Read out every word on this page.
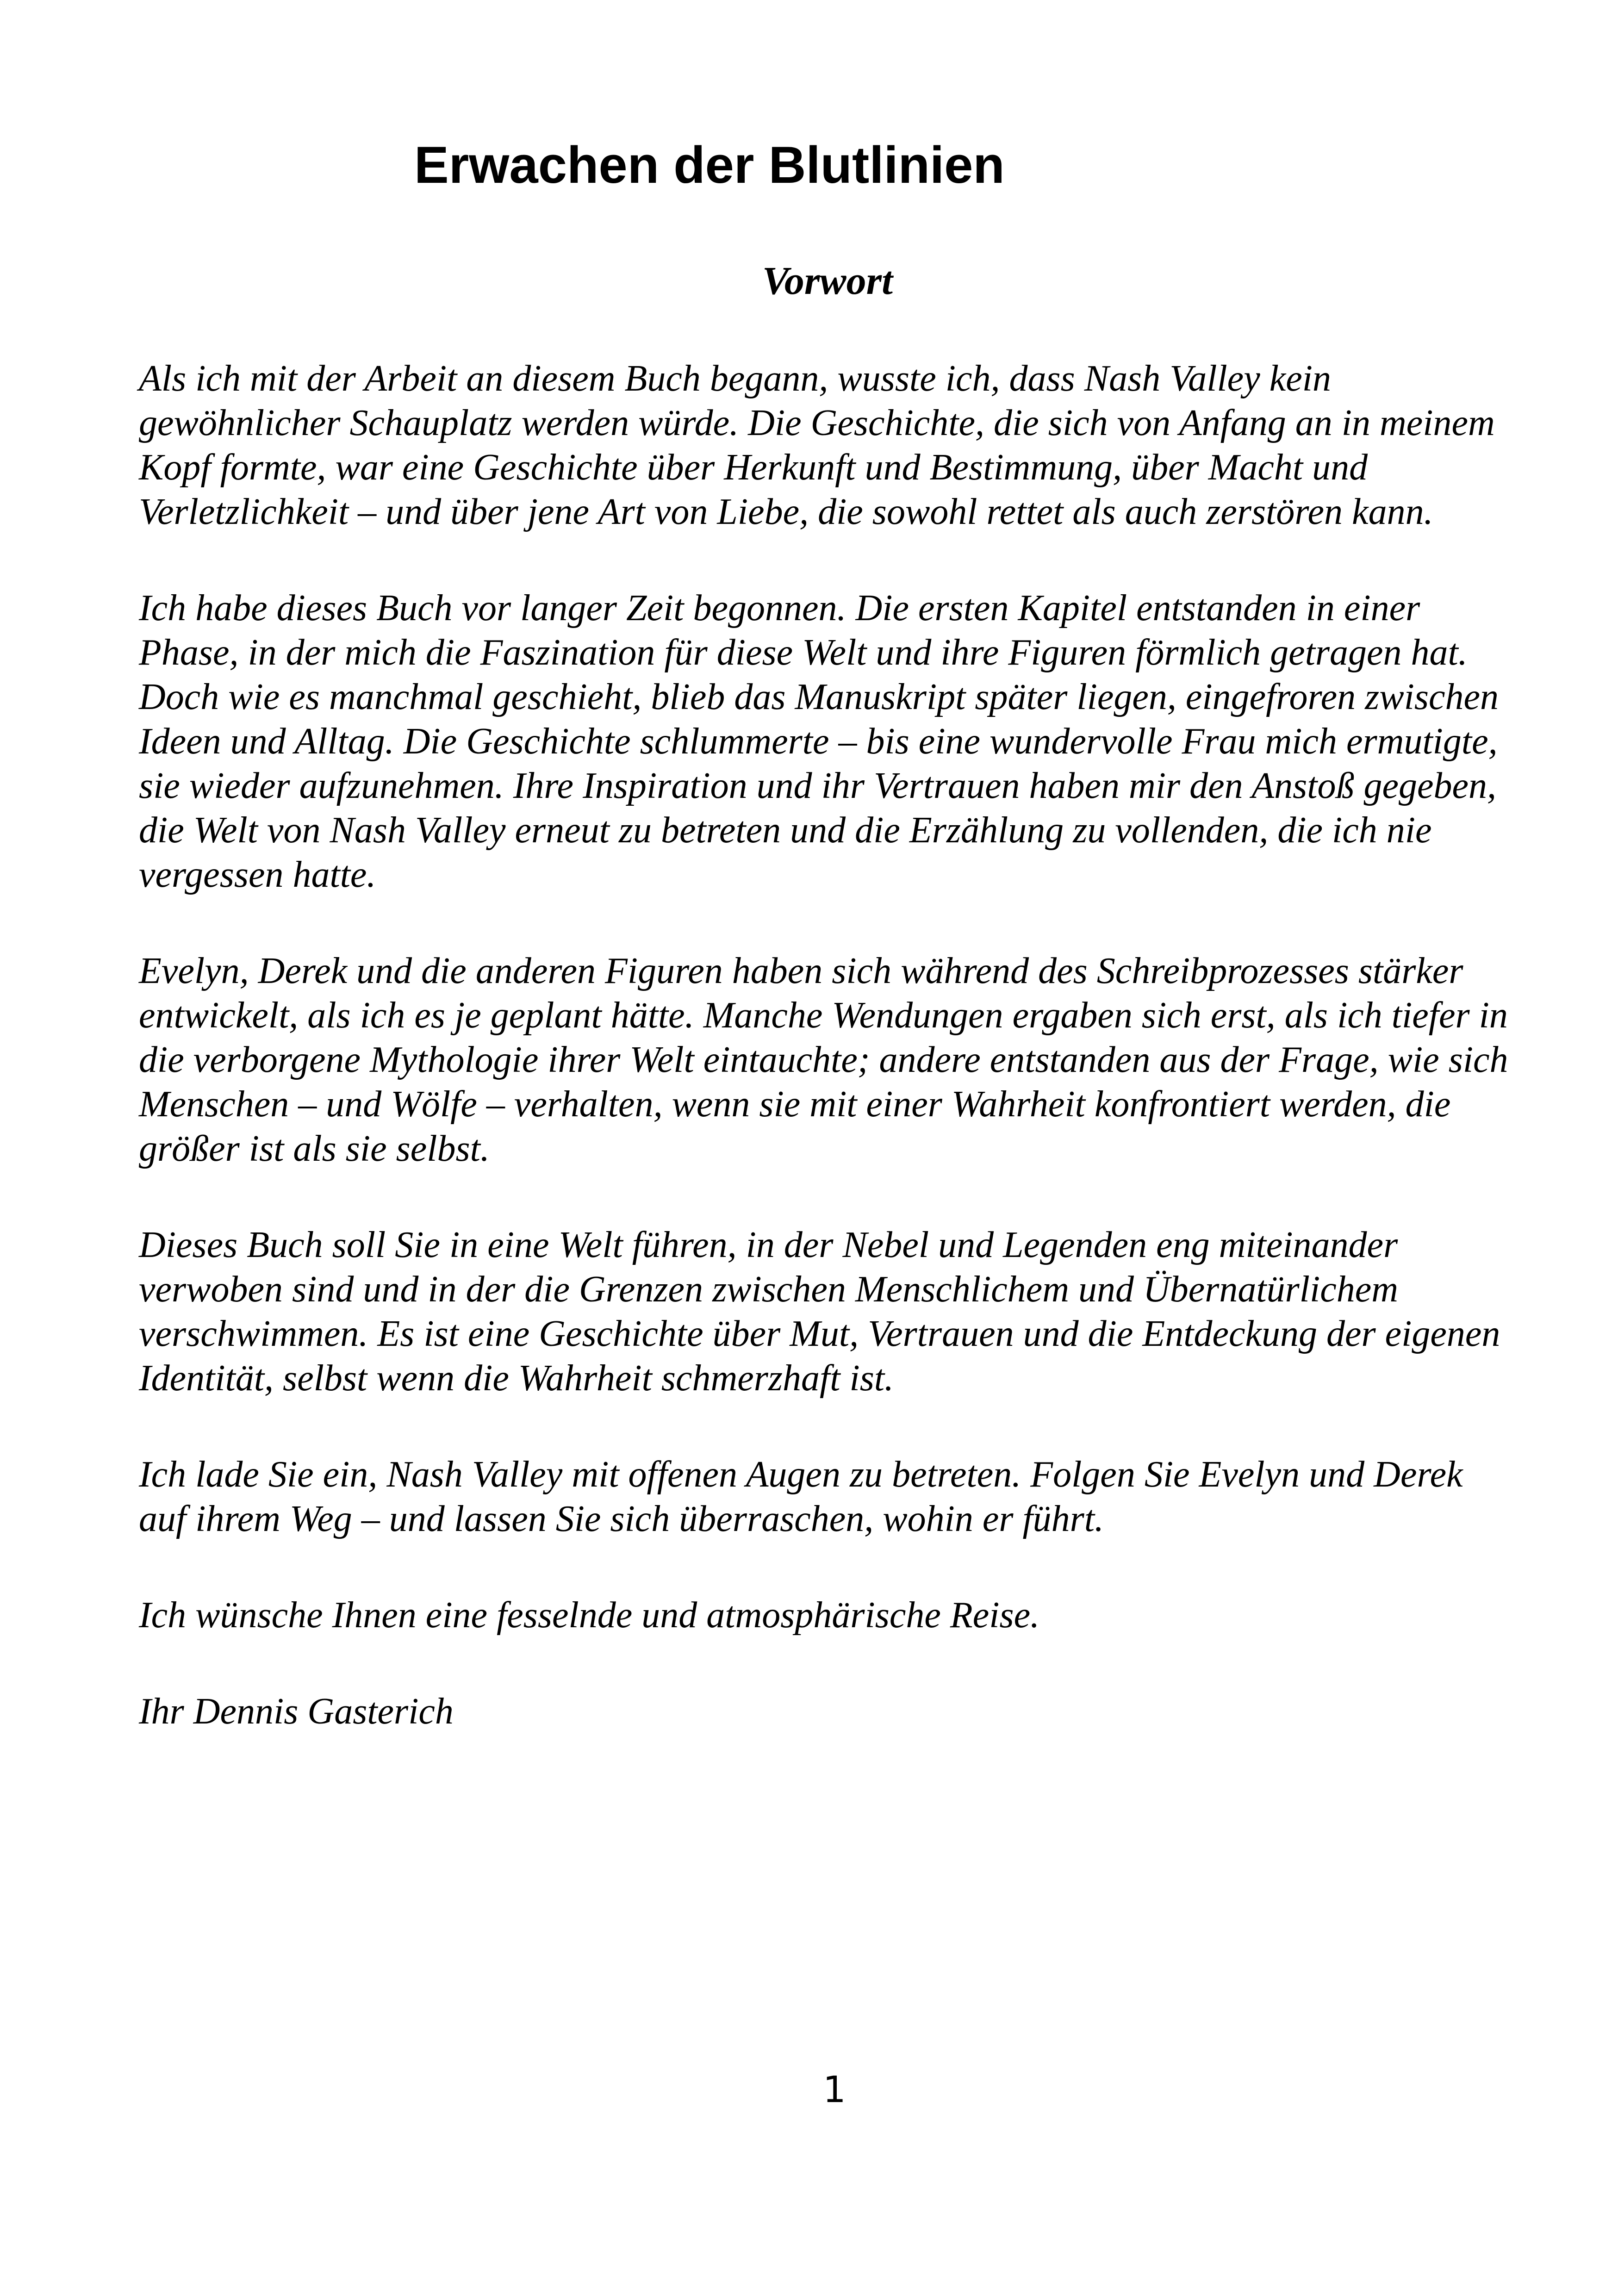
Erwachen der Blutlinien
Vorwort

Als ich mit der Arbeit an diesem Buch begann, wusste ich, dass Nash Valley kein gewöhnlicher Schauplatz werden würde. Die Geschichte, die sich von Anfang an in meinem Kopf formte, war eine Geschichte über Herkunft und Bestimmung, über Macht und Verletzlichkeit – und über jene Art von Liebe, die sowohl rettet als auch zerstören kann.

Ich habe dieses Buch vor langer Zeit begonnen. Die ersten Kapitel entstanden in einer Phase, in der mich die Faszination für diese Welt und ihre Figuren förmlich getragen hat. Doch wie es manchmal geschieht, blieb das Manuskript später liegen, eingefroren zwischen Ideen und Alltag. Die Geschichte schlummerte – bis eine wundervolle Frau mich ermutigte, sie wieder aufzunehmen. Ihre Inspiration und ihr Vertrauen haben mir den Anstoß gegeben, die Welt von Nash Valley erneut zu betreten und die Erzählung zu vollenden, die ich nie vergessen hatte.

Evelyn, Derek und die anderen Figuren haben sich während des Schreibprozesses stärker entwickelt, als ich es je geplant hätte. Manche Wendungen ergaben sich erst, als ich tiefer in die verborgene Mythologie ihrer Welt eintauchte; andere entstanden aus der Frage, wie sich Menschen – und Wölfe – verhalten, wenn sie mit einer Wahrheit konfrontiert werden, die größer ist als sie selbst.

Dieses Buch soll Sie in eine Welt führen, in der Nebel und Legenden eng miteinander verwoben sind und in der die Grenzen zwischen Menschlichem und Übernatürlichem verschwimmen. Es ist eine Geschichte über Mut, Vertrauen und die Entdeckung der eigenen Identität, selbst wenn die Wahrheit schmerzhaft ist.

Ich lade Sie ein, Nash Valley mit offenen Augen zu betreten. Folgen Sie Evelyn und Derek auf ihrem Weg – und lassen Sie sich überraschen, wohin er führt.

Ich wünsche Ihnen eine fesselnde und atmosphärische Reise.

Ihr Dennis Gasterich

1
